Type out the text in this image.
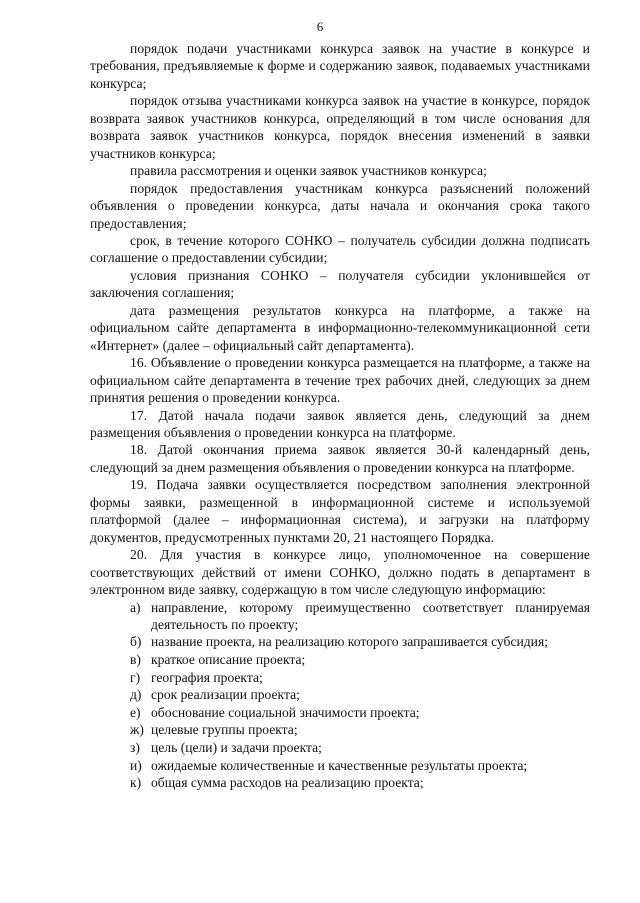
6

порядок подачи участниками конкурса заявок на участие в конкурсе и требования, предъявляемые к форме и содержанию заявок, подаваемых участниками конкурса;

порядок отзыва участниками конкурса заявок на участие в конкурсе, порядок возврата заявок участников конкурса, определяющий в том числе основания для возврата заявок участников конкурса, порядок внесения изменений в заявки участников конкурса;

правила рассмотрения и оценки заявок участников конкурса;

порядок предоставления участникам конкурса разъяснений положений объявления о проведении конкурса, даты начала и окончания срока такого предоставления;

срок, в течение которого СОНКО – получатель субсидии должна подписать соглашение о предоставлении субсидии;

условия признания СОНКО – получателя субсидии уклонившейся от заключения соглашения;

дата размещения результатов конкурса на платформе, а также на официальном сайте департамента в информационно-телекоммуникационной сети «Интернет» (далее – официальный сайт департамента).

16. Объявление о проведении конкурса размещается на платформе, а также на официальном сайте департамента в течение трех рабочих дней, следующих за днем принятия решения о проведении конкурса.

17. Датой начала подачи заявок является день, следующий за днем размещения объявления о проведении конкурса на платформе.

18. Датой окончания приема заявок является 30-й календарный день, следующий за днем размещения объявления о проведении конкурса на платформе.

19. Подача заявки осуществляется посредством заполнения электронной формы заявки, размещенной в информационной системе и используемой платформой (далее – информационная система), и загрузки на платформу документов, предусмотренных пунктами 20, 21 настоящего Порядка.

20. Для участия в конкурсе лицо, уполномоченное на совершение соответствующих действий от имени СОНКО, должно подать в департамент в электронном виде заявку, содержащую в том числе следующую информацию:

а) направление, которому преимущественно соответствует планируемая деятельность по проекту;
б) название проекта, на реализацию которого запрашивается субсидия;
в) краткое описание проекта;
г) география проекта;
д) срок реализации проекта;
е) обоснование социальной значимости проекта;
ж) целевые группы проекта;
з) цель (цели) и задачи проекта;
и) ожидаемые количественные и качественные результаты проекта;
к) общая сумма расходов на реализацию проекта;
